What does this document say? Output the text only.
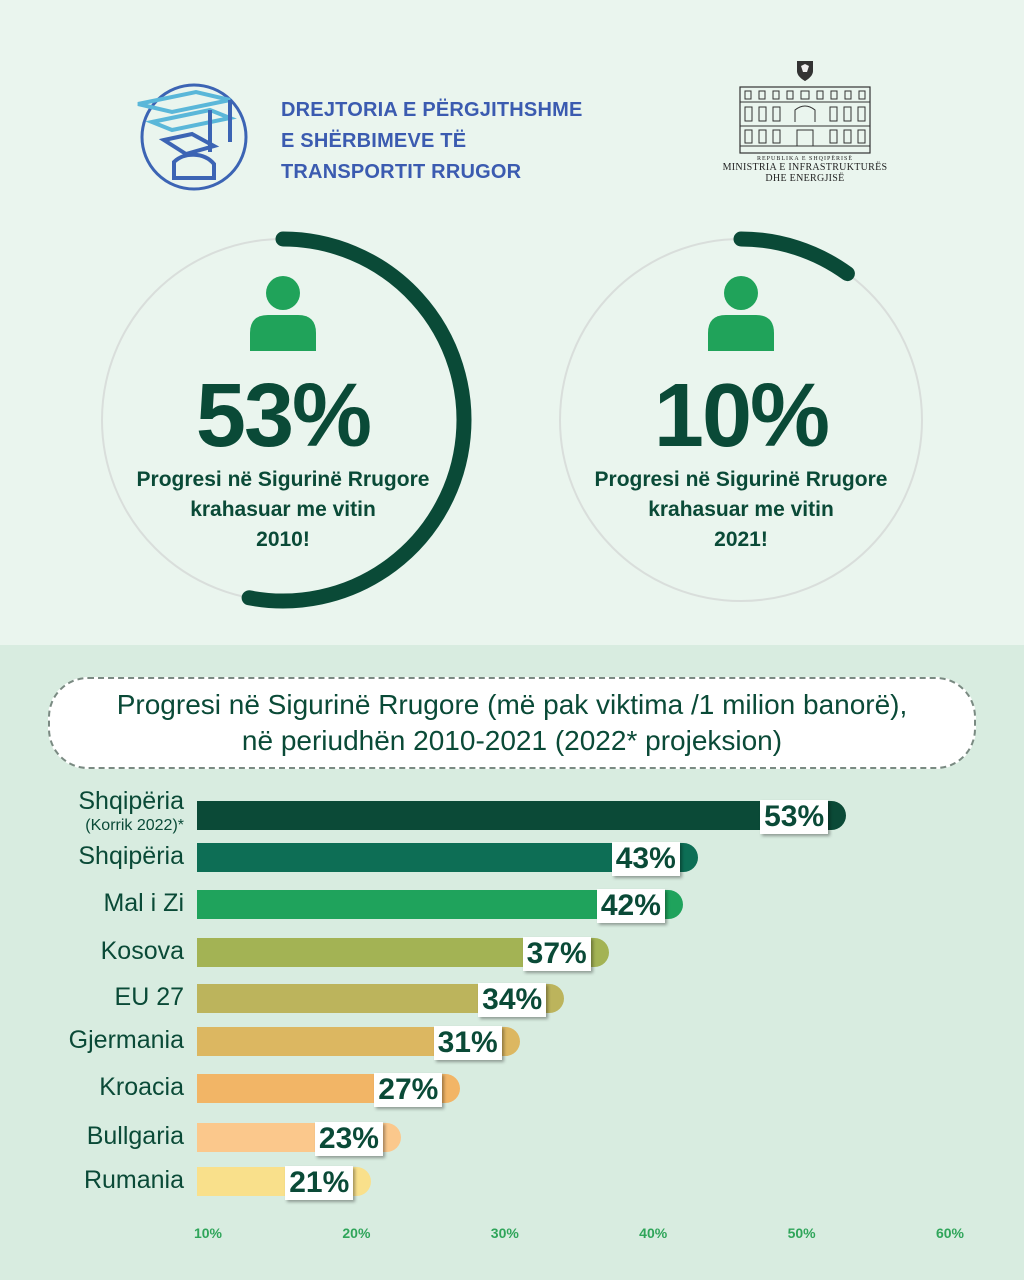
DREJTORIA E PËRGJITHSHME
E SHËRBIMEVE TË
TRANSPORTIT RRUGOR
REPUBLIKA E SHQIPËRISË
MINISTRIA E INFRASTRUKTURËS
DHE ENERGJISË
53%
Progresi në Sigurinë Rrugore
krahasuar me vitin
2010!
10%
Progresi në Sigurinë Rrugore
krahasuar me vitin
2021!
Progresi në Sigurinë Rrugore (më pak viktima /1 milion banorë),
në periudhën 2010-2021 (2022* projeksion)
53%
Shqipëria
(Korrik 2022)*
43%
Shqipëria
42%
Mal i Zi
37%
Kosova
34%
EU 27
31%
Gjermania
27%
Kroacia
23%
Bullgaria
21%
Rumania
10%	20%	30%	40%	50%	60%
